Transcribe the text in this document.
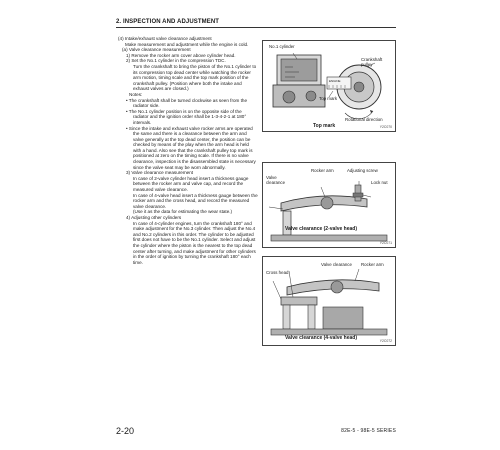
2. INSPECTION AND ADJUSTMENT

(4) Intake/exhaust valve clearance adjustment

Make measurement and adjustment while the engine is cold.

(a) Valve clearance measurement

1) Remove the rocker arm cover above cylinder head.

2) Set the No.1 cylinder in the compression TDC.

Turn the crankshaft to bring the piston of the No.1 cylinder to its compression top dead center while watching the rocker arm motion, timing scale and the top mark position of the crankshaft pulley. (Position where both the intake and exhaust valves are closed.)

Notes:

• The crankshaft shall be turned clockwise as seen from the radiator side.

• The No.1 cylinder position is on the opposite side of the radiator and the ignition order shall be 1-3-4-2-1 at 180° intervals.

• Since the intake and exhaust valve rocker arms are operated the same and there is a clearance between the arm and valve generally at the top dead center, the position can be checked by means of the play when the arm head is held with a hand. Also see that the crankshaft pulley top mark is positioned at zero on the timing scale. If there is no valve clearance, inspection is the disassembled state is necessary since the valve seat may be worn abnormally.

3) Valve clearance measurement

In case of 2-valve cylinder head insert a thickness gauge between the rocker arm and valve cap, and record the measured valve clearance.

In case of 4-valve head insert a thickness gauge between the rocker arm and the cross head, and record the measured valve clearance.

(Use it as the data for estimating the wear state.)

4) Adjusting other cylinders

In case of 4-cylinder engines, turn the crankshaft 180° and make adjustment for the No.3 cylinder. Then adjust the No.4 and No.2 cylinders in this order. The cylinder to be adjusted first does not have to be the No.1 cylinder. Select and adjust the cylinder where the piston is the nearest to the top dead center after turning, and make adjustment for other cylinders in the order of ignition by turning the crankshaft 180° each time.

No.1 cylinder
Crankshaft pulley
ENGINE
Top mark
Rotational direction
Top mark	Y2C070
Rocker arm	Adjusting screw
Valve clearance	Lock nut
Valve clearance (2-valve head)
Y2C071
Valve clearance Rocker arm
Cross head
Valve clearance (4-valve head)	Y2C072
2-20	82E-5 - 98E-5 SERIES
